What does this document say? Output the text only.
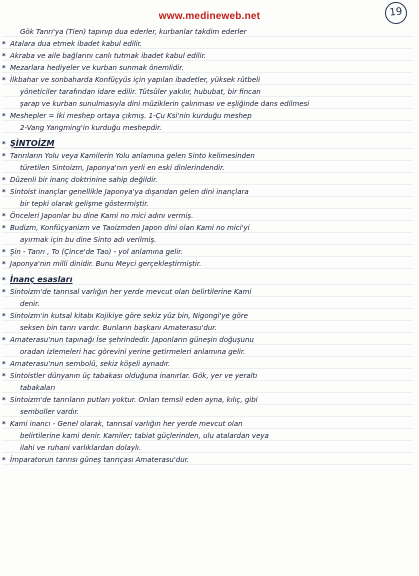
www.medineweb.net	19
Gök Tanrı'ya (Tien) tapınıp dua ederler, kurbanlar takdim ederler
* Atalara dua etmek ibadet kabul edilir.
* Akraba ve aile bağlarını canlı tutmak ibadet kabul edilir.
* Mezarlara hediyeler ve kurban sunmak önemlidir.
* İlkbahar ve sonbaharda Konfüçyüs için yapılan ibadetler, yüksek rütbeli
yöneticiler tarafından idare edilir. Tütsüler yakılır, hububat, bir fincan
şarap ve kurban sunulmasıyla dini müziklerin çalınması ve eşliğinde dans edilmesi
* Meshepler = İki meshep ortaya çıkmış. 1-Çu Ksi'nin kurduğu meshep
2-Vang Yangming'in kurduğu meshepdir.
* ŞİNTOİZM
* Tanrıların Yolu veya Kamilerin Yolu anlamına gelen Sinto kelimesinden
türetilen Sintoizm, Japonya'nın yerli en eski dinlerindendir.
* Düzenli bir inanç doktrinine sahip değildir.
* Sintoist inançlar genellikle Japonya'ya dışarıdan gelen dini inançlara
bir tepki olarak gelişme göstermiştir.
* Önceleri Japonlar bu dine Kami no mici adını vermiş.
* Budizm, Konfüçyanizm ve Taoizmden Japon dini olan Kami no mici'yi
ayırmak için bu dine Sinto adı verilmiş.
* Şin - Tanrı , To (Çince'de Tao) - yol anlamına gelir.
* Japonya'nın milli dinidir. Bunu Meyci gerçekleştirmiştir.
* İnanç esasları
* Sintoizm'de tanrısal varlığın her yerde mevcut olan belirtilerine Kami
denir.
* Sintoizm'in kutsal kitabı Kojikiye göre sekiz yüz bin, Nigongi'ye göre
seksen bin tanrı vardır. Bunların başkanı Amaterasu'dur.
* Amaterasu'nun tapınağı İse şehrindedir. Japonların güneşin doğuşunu
oradan izlemeleri hac görevini yerine getirmeleri anlamına gelir.
* Amaterasu'nun sembolü, sekiz köşeli aynadır.
* Sintoistler dünyanın üç tabakası olduğuna inanırlar. Gök, yer ve yeraltı
tabakaları
* Sintoizm'de tanrıların putları yoktur. Onları temsil eden ayna, kılıç, gibi
semboller vardır.
* Kami inancı - Genel olarak, tanrısal varlığın her yerde mevcut olan
belirtilerine kami denir. Kamiler; tabiat güçlerinden, ulu atalardan veya
ilahi ve ruhani varlıklardan dolaylı.
* İmparatorun tanrısı güneş tanrıçası Amaterasu'dur.
